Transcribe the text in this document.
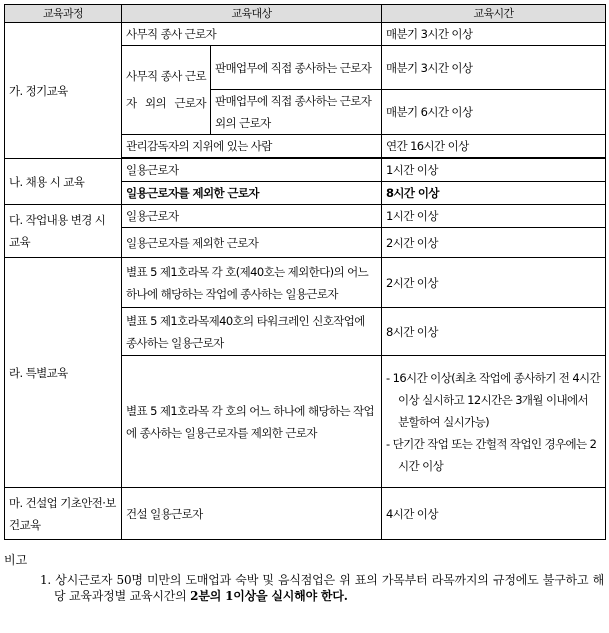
교육과정	교육대상		교육시간
가. 정기교육	사무직 종사 근로자		매분기 3시간 이상

	사무직 종사 근로자 외의 근로자	판매업무에 직접 종사하는 근로자	매분기 3시간 이상
		판매업무에 직접 종사하는 근로자 외의 근로자	매분기 6시간 이상
	관리감독자의 지위에 있는 사람		연간 16시간 이상

나. 채용 시 교육	일용근로자		1시간 이상
	일용근로자를 제외한 근로자		8시간 이상
다. 작업내용 변경 시 교육	일용근로자		1시간 이상
	일용근로자를 제외한 근로자		2시간 이상
라. 특별교육	별표 5 제1호라목 각 호(제40호는 제외한다)의 어느 하나에 해당하는 작업에 종사하는 일용근로자		2시간 이상
	별표 5 제1호라목제40호의 타워크레인 신호작업에 종사하는 일용근로자		8시간 이상
	별표 5 제1호라목 각 호의 어느 하나에 해당하는 작업에 종사하는 일용근로자를 제외한 근로자		- 16시간 이상(최초 작업에 종사하기 전 4시간 이상 실시하고 12시간은 3개월 이내에서 분할하여 실시가능)
- 단기간 작업 또는 간헐적 작업인 경우에는 2시간 이상

마. 건설업 기초안전·보건교육	건설 일용근로자		4시간 이상
비고
1. 상시근로자 50명 미만의 도매업과 숙박 및 음식점업은 위 표의 가목부터 라목까지의 규정에도 불구하고 해당 교육과정별 교육시간의 2분의 1이상을 실시해야 한다.
